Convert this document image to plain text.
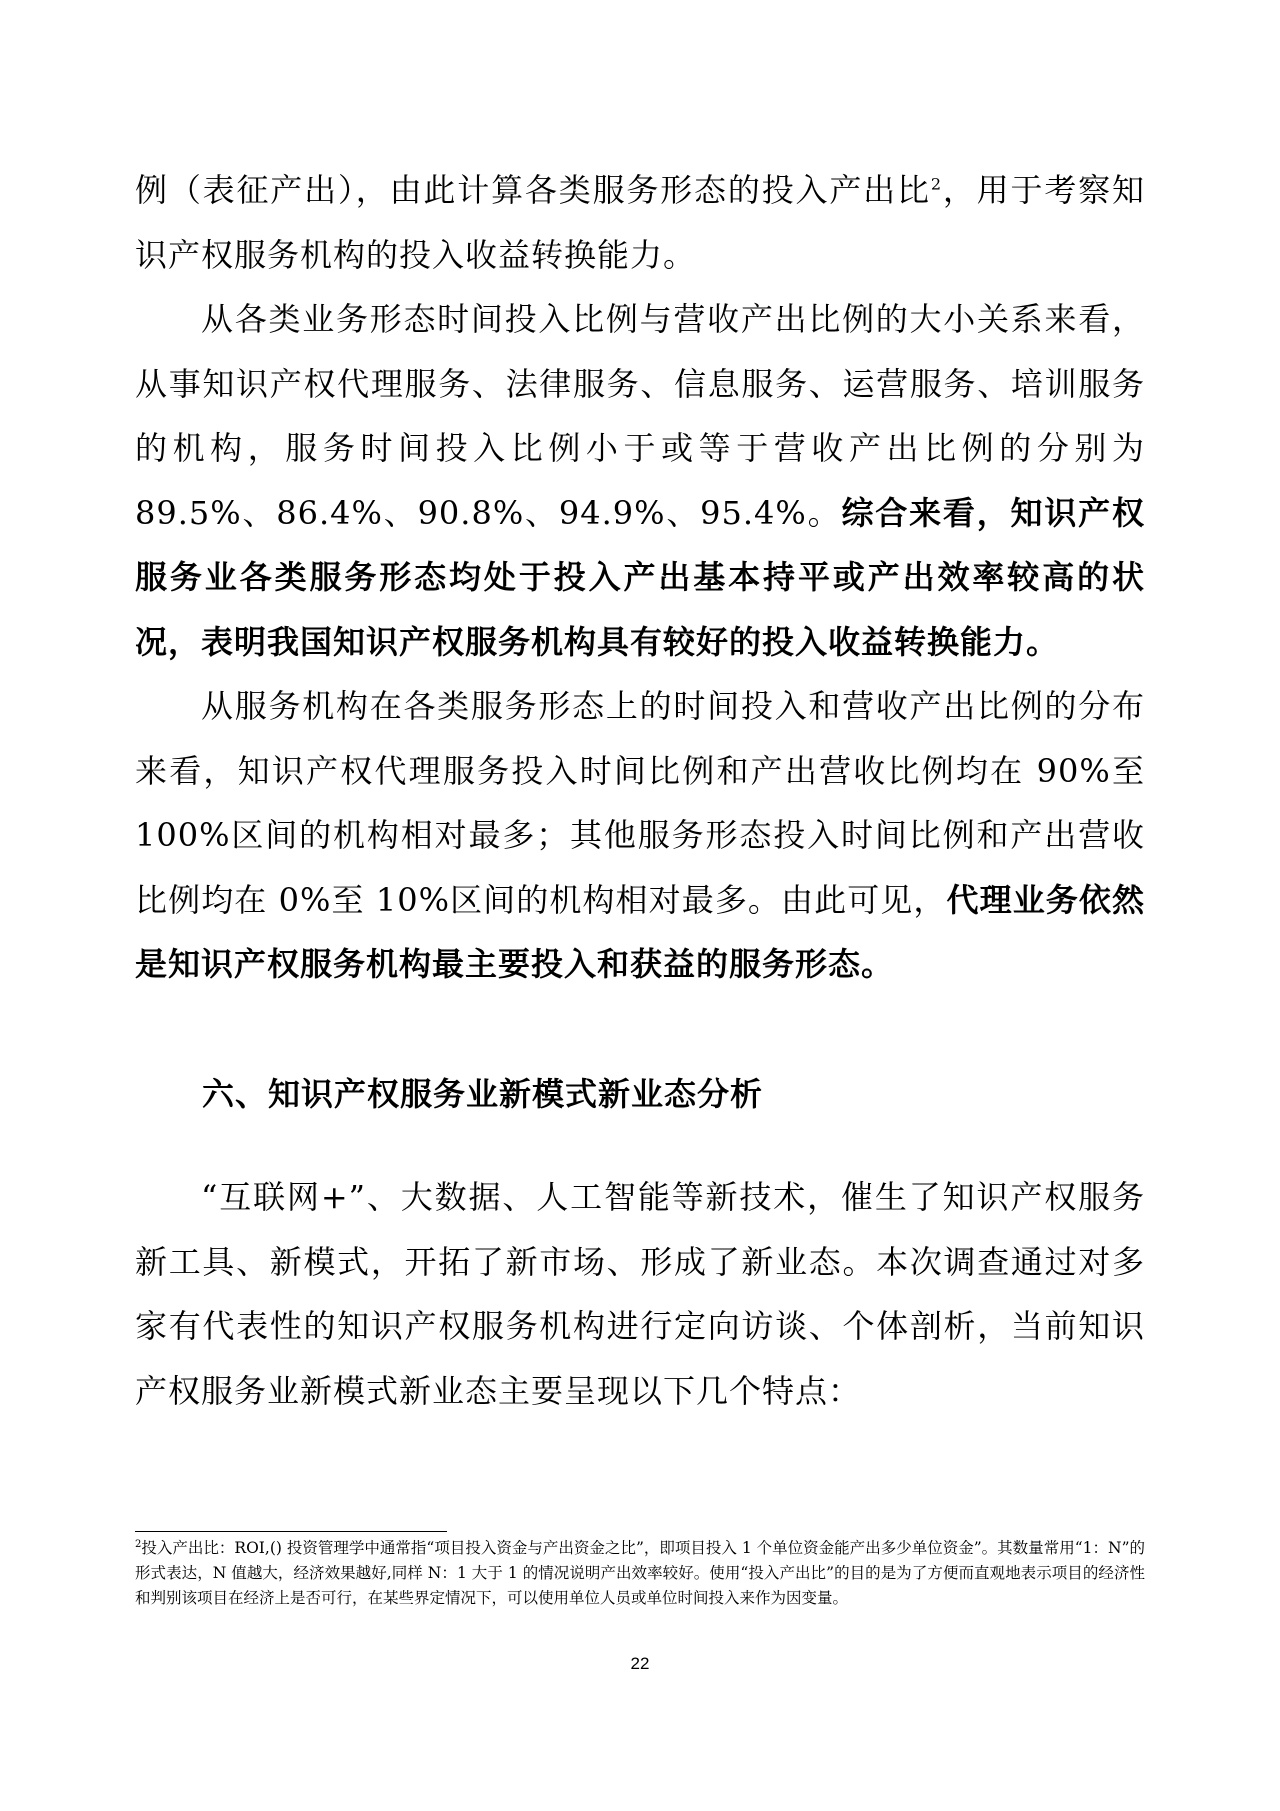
例（表征产出），由此计算各类服务形态的投入产出比$^2$，用于考察知识产权服务机构的投入收益转换能力。

从各类业务形态时间投入比例与营收产出比例的大小关系来看，从事知识产权代理服务、法律服务、信息服务、运营服务、培训服务的机构，服务时间投入比例小于或等于营收产出比例的分别为 89.5%、86.4%、90.8%、94.9%、95.4%。综合来看，知识产权服务业各类服务形态均处于投入产出基本持平或产出效率较高的状况，表明我国知识产权服务机构具有较好的投入收益转换能力。

从服务机构在各类服务形态上的时间投入和营收产出比例的分布来看，知识产权代理服务投入时间比例和产出营收比例均在 90%至 100%区间的机构相对最多；其他服务形态投入时间比例和产出营收比例均在 0%至 10%区间的机构相对最多。由此可见，代理业务依然是知识产权服务机构最主要投入和获益的服务形态。

六、知识产权服务业新模式新业态分析

“互联网+”、大数据、人工智能等新技术，催生了知识产权服务新工具、新模式，开拓了新市场、形成了新业态。本次调查通过对多家有代表性的知识产权服务机构进行定向访谈、个体剖析，当前知识产权服务业新模式新业态主要呈现以下几个特点：

$^2$投入产出比：ROI,() 投资管理学中通常指“项目投入资金与产出资金之比”，即项目投入 1 个单位资金能产出多少单位资金”。其数量常用“1：N”的形式表达，N 值越大，经济效果越好,同样 N：1 大于 1 的情况说明产出效率较好。使用“投入产出比”的目的是为了方便而直观地表示项目的经济性和判别该项目在经济上是否可行，在某些界定情况下，可以使用单位人员或单位时间投入来作为因变量。
22
